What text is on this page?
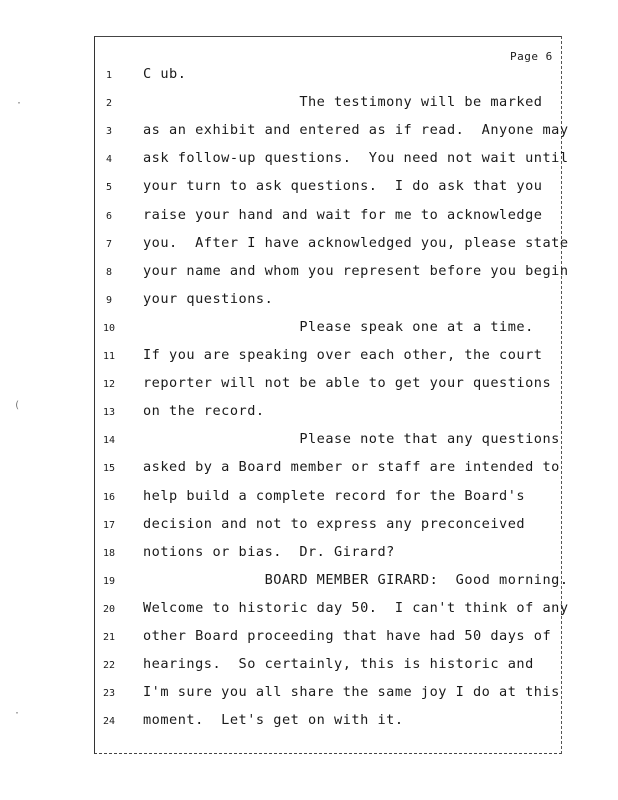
Page 6
1	C ub.
2	The testimony will be marked
3	as an exhibit and entered as if read.  Anyone may
4	ask follow-up questions.  You need not wait until
5	your turn to ask questions.  I do ask that you
6	raise your hand and wait for me to acknowledge
7	you.  After I have acknowledged you, please state
8	your name and whom you represent before you begin
9	your questions.
10	Please speak one at a time.
11	If you are speaking over each other, the court
12	reporter will not be able to get your questions
13	on the record.
14	Please note that any questions
15	asked by a Board member or staff are intended to
16	help build a complete record for the Board's
17	decision and not to express any preconceived
18	notions or bias.  Dr. Girard?
19	BOARD MEMBER GIRARD:  Good morning.
20	Welcome to historic day 50.  I can't think of any
21	other Board proceeding that have had 50 days of
22	hearings.  So certainly, this is historic and
23	I'm sure you all share the same joy I do at this
24	moment.  Let's get on with it.
·
(
·
